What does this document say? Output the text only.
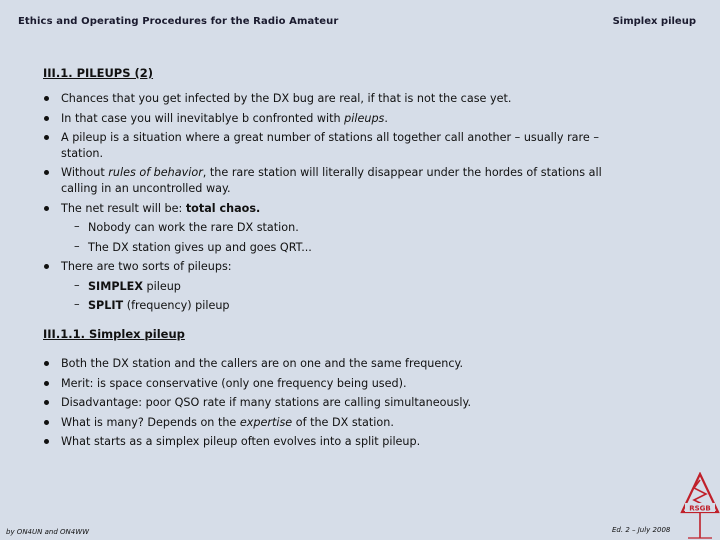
Ethics and Operating Procedures for the Radio Amateur	Simplex pileup
III.1. PILEUPS (2)
Chances that you get infected by the DX bug are real, if that is not the case yet.
In that case you will inevitablye b confronted with pileups.
A pileup is a situation where a great number of stations all together call another – usually rare –
station.
Without rules of behavior, the rare station will literally disappear under the hordes of stations all
calling in an uncontrolled way.
The net result will be: total chaos.
– Nobody can work the rare DX station.
– The DX station gives up and goes QRT...
There are two sorts of pileups:
– SIMPLEX pileup
– SPLIT (frequency) pileup
III.1.1. Simplex pileup
Both the DX station and the callers are on one and the same frequency.
Merit: is space conservative (only one frequency being used).
Disadvantage: poor QSO rate if many stations are calling simultaneously.
What is many? Depends on the expertise of the DX station.
What starts as a simplex pileup often evolves into a split pileup.
by ON4UN and ON4WW	Ed. 2 – July 2008
RSGB
